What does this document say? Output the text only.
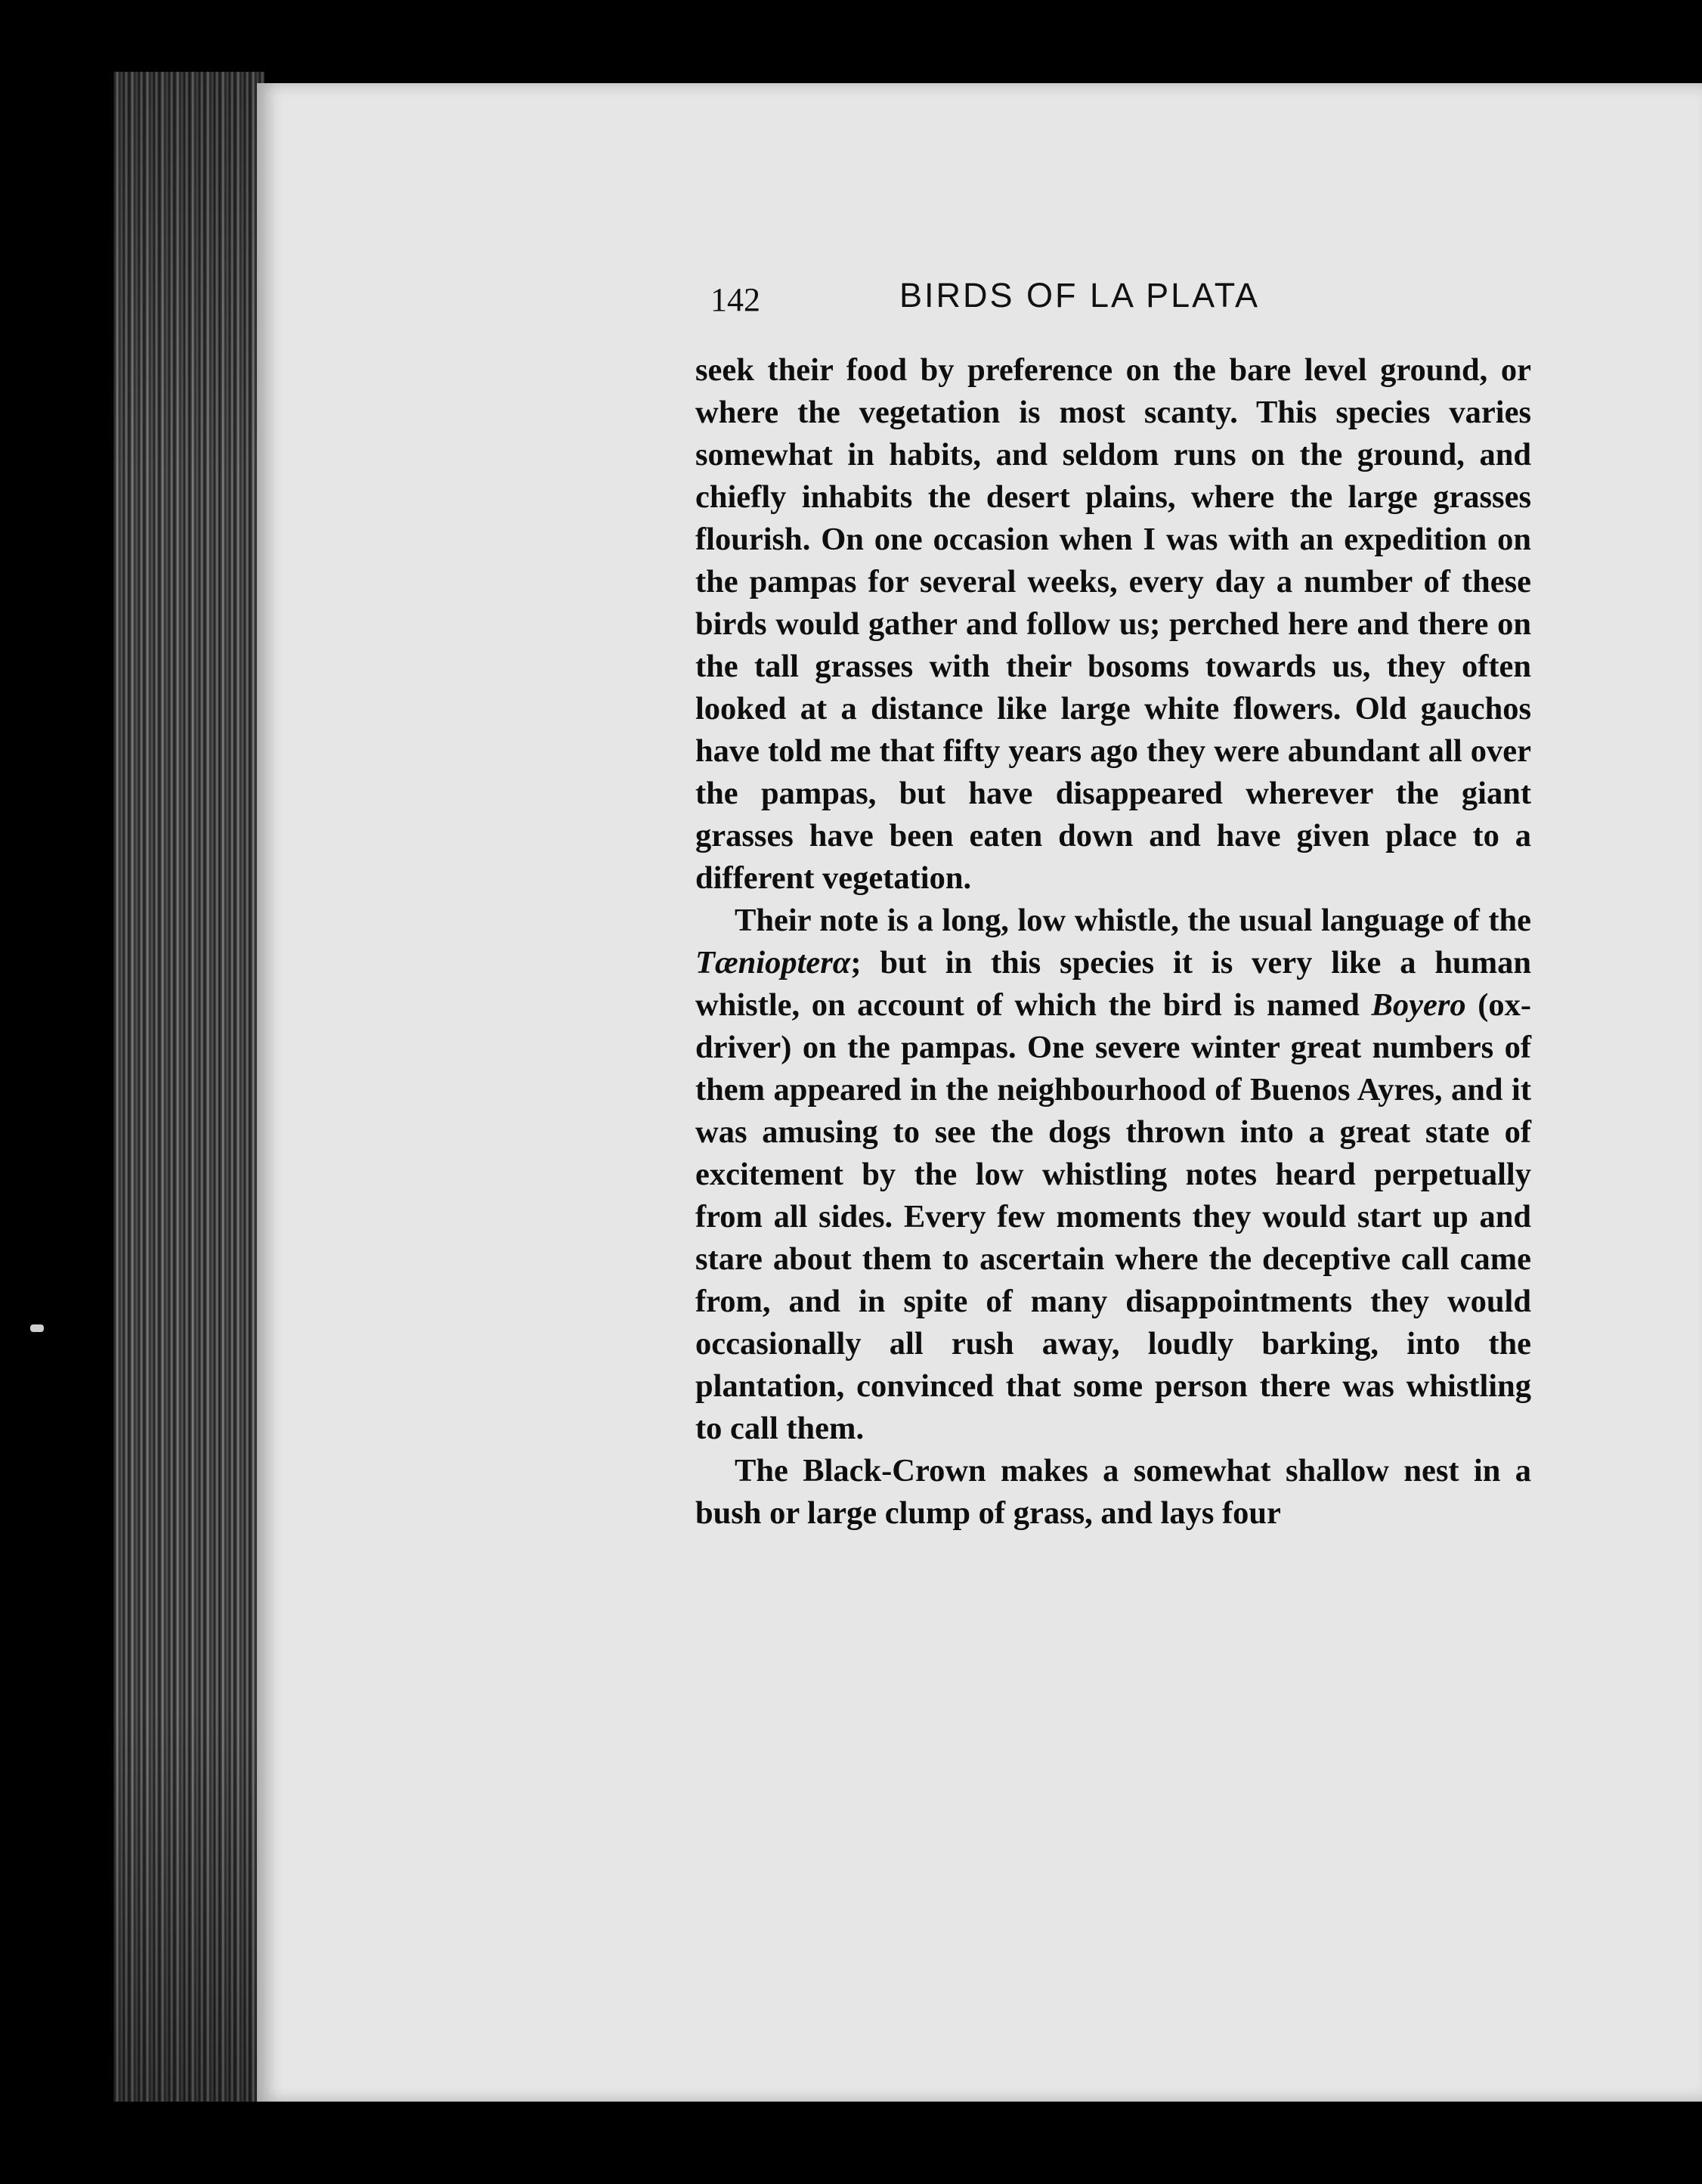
142	BIRDS OF LA PLATA

seek their food by preference on the bare level ground, or where the vegetation is most scanty. This species varies somewhat in habits, and seldom runs on the ground, and chiefly inhabits the desert plains, where the large grasses flourish. On one occasion when I was with an expedition on the pampas for several weeks, every day a number of these birds would gather and follow us; perched here and there on the tall grasses with their bosoms towards us, they often looked at a distance like large white flowers. Old gauchos have told me that fifty years ago they were abundant all over the pampas, but have disappeared wherever the giant grasses have been eaten down and have given place to a different vegetation.

Their note is a long, low whistle, the usual language of the Tæniopterα; but in this species it is very like a human whistle, on account of which the bird is named Boyero (ox-driver) on the pampas. One severe winter great numbers of them appeared in the neighbourhood of Buenos Ayres, and it was amusing to see the dogs thrown into a great state of excitement by the low whistling notes heard perpetually from all sides. Every few moments they would start up and stare about them to ascertain where the deceptive call came from, and in spite of many disappointments they would occasionally all rush away, loudly barking, into the plantation, convinced that some person there was whistling to call them.

The Black-Crown makes a somewhat shallow nest in a bush or large clump of grass, and lays four
